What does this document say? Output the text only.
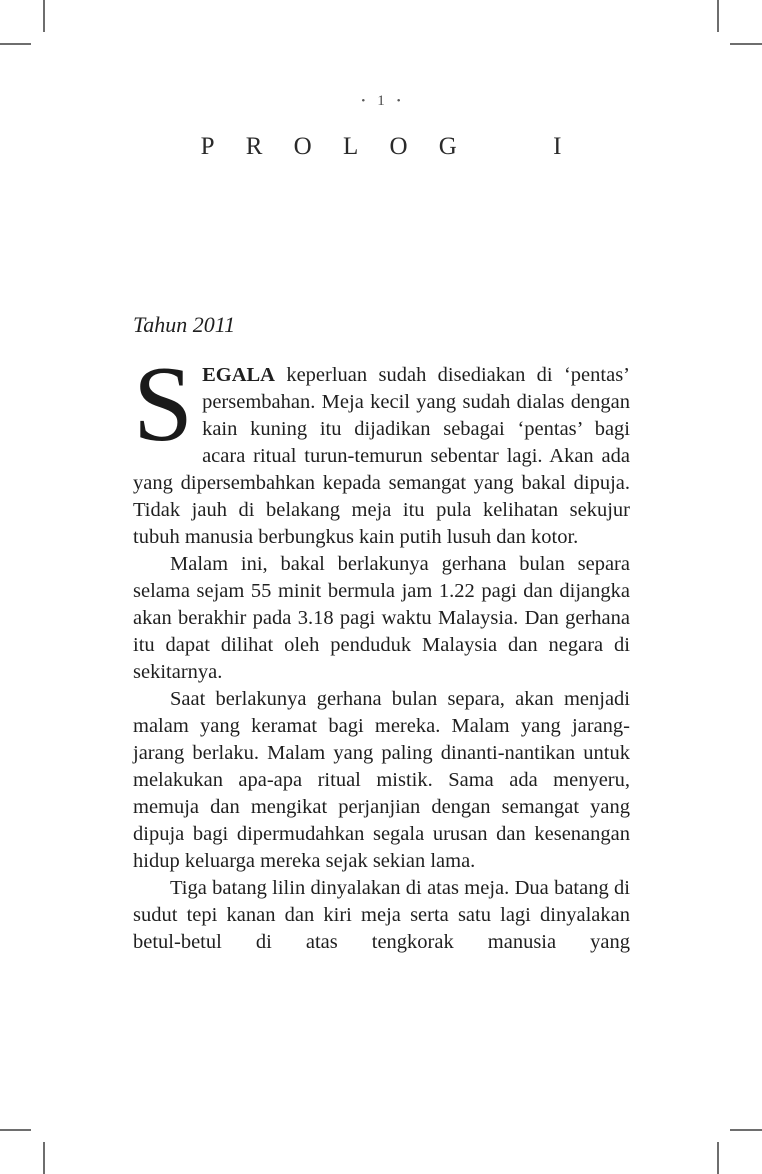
• 1 •
PROLOG I

Tahun 2011

SEGALA keperluan sudah disediakan di ‘pentas’ persembahan. Meja kecil yang sudah dialas dengan kain kuning itu dijadikan sebagai ‘pentas’ bagi acara ritual turun-temurun sebentar lagi. Akan ada yang dipersembahkan kepada semangat yang bakal dipuja. Tidak jauh di belakang meja itu pula kelihatan sekujur tubuh manusia berbungkus kain putih lusuh dan kotor.

Malam ini, bakal berlakunya gerhana bulan separa selama sejam 55 minit bermula jam 1.22 pagi dan dijangka akan berakhir pada 3.18 pagi waktu Malaysia. Dan gerhana itu dapat dilihat oleh penduduk Malaysia dan negara di sekitarnya.

Saat berlakunya gerhana bulan separa, akan menjadi malam yang keramat bagi mereka. Malam yang jarang-jarang berlaku. Malam yang paling dinanti-nantikan untuk melakukan apa-apa ritual mistik. Sama ada menyeru, memuja dan mengikat perjanjian dengan semangat yang dipuja bagi dipermudahkan segala urusan dan kesenangan hidup keluarga mereka sejak sekian lama.

Tiga batang lilin dinyalakan di atas meja. Dua batang di sudut tepi kanan dan kiri meja serta satu lagi dinyalakan betul-betul di atas tengkorak manusia yang
